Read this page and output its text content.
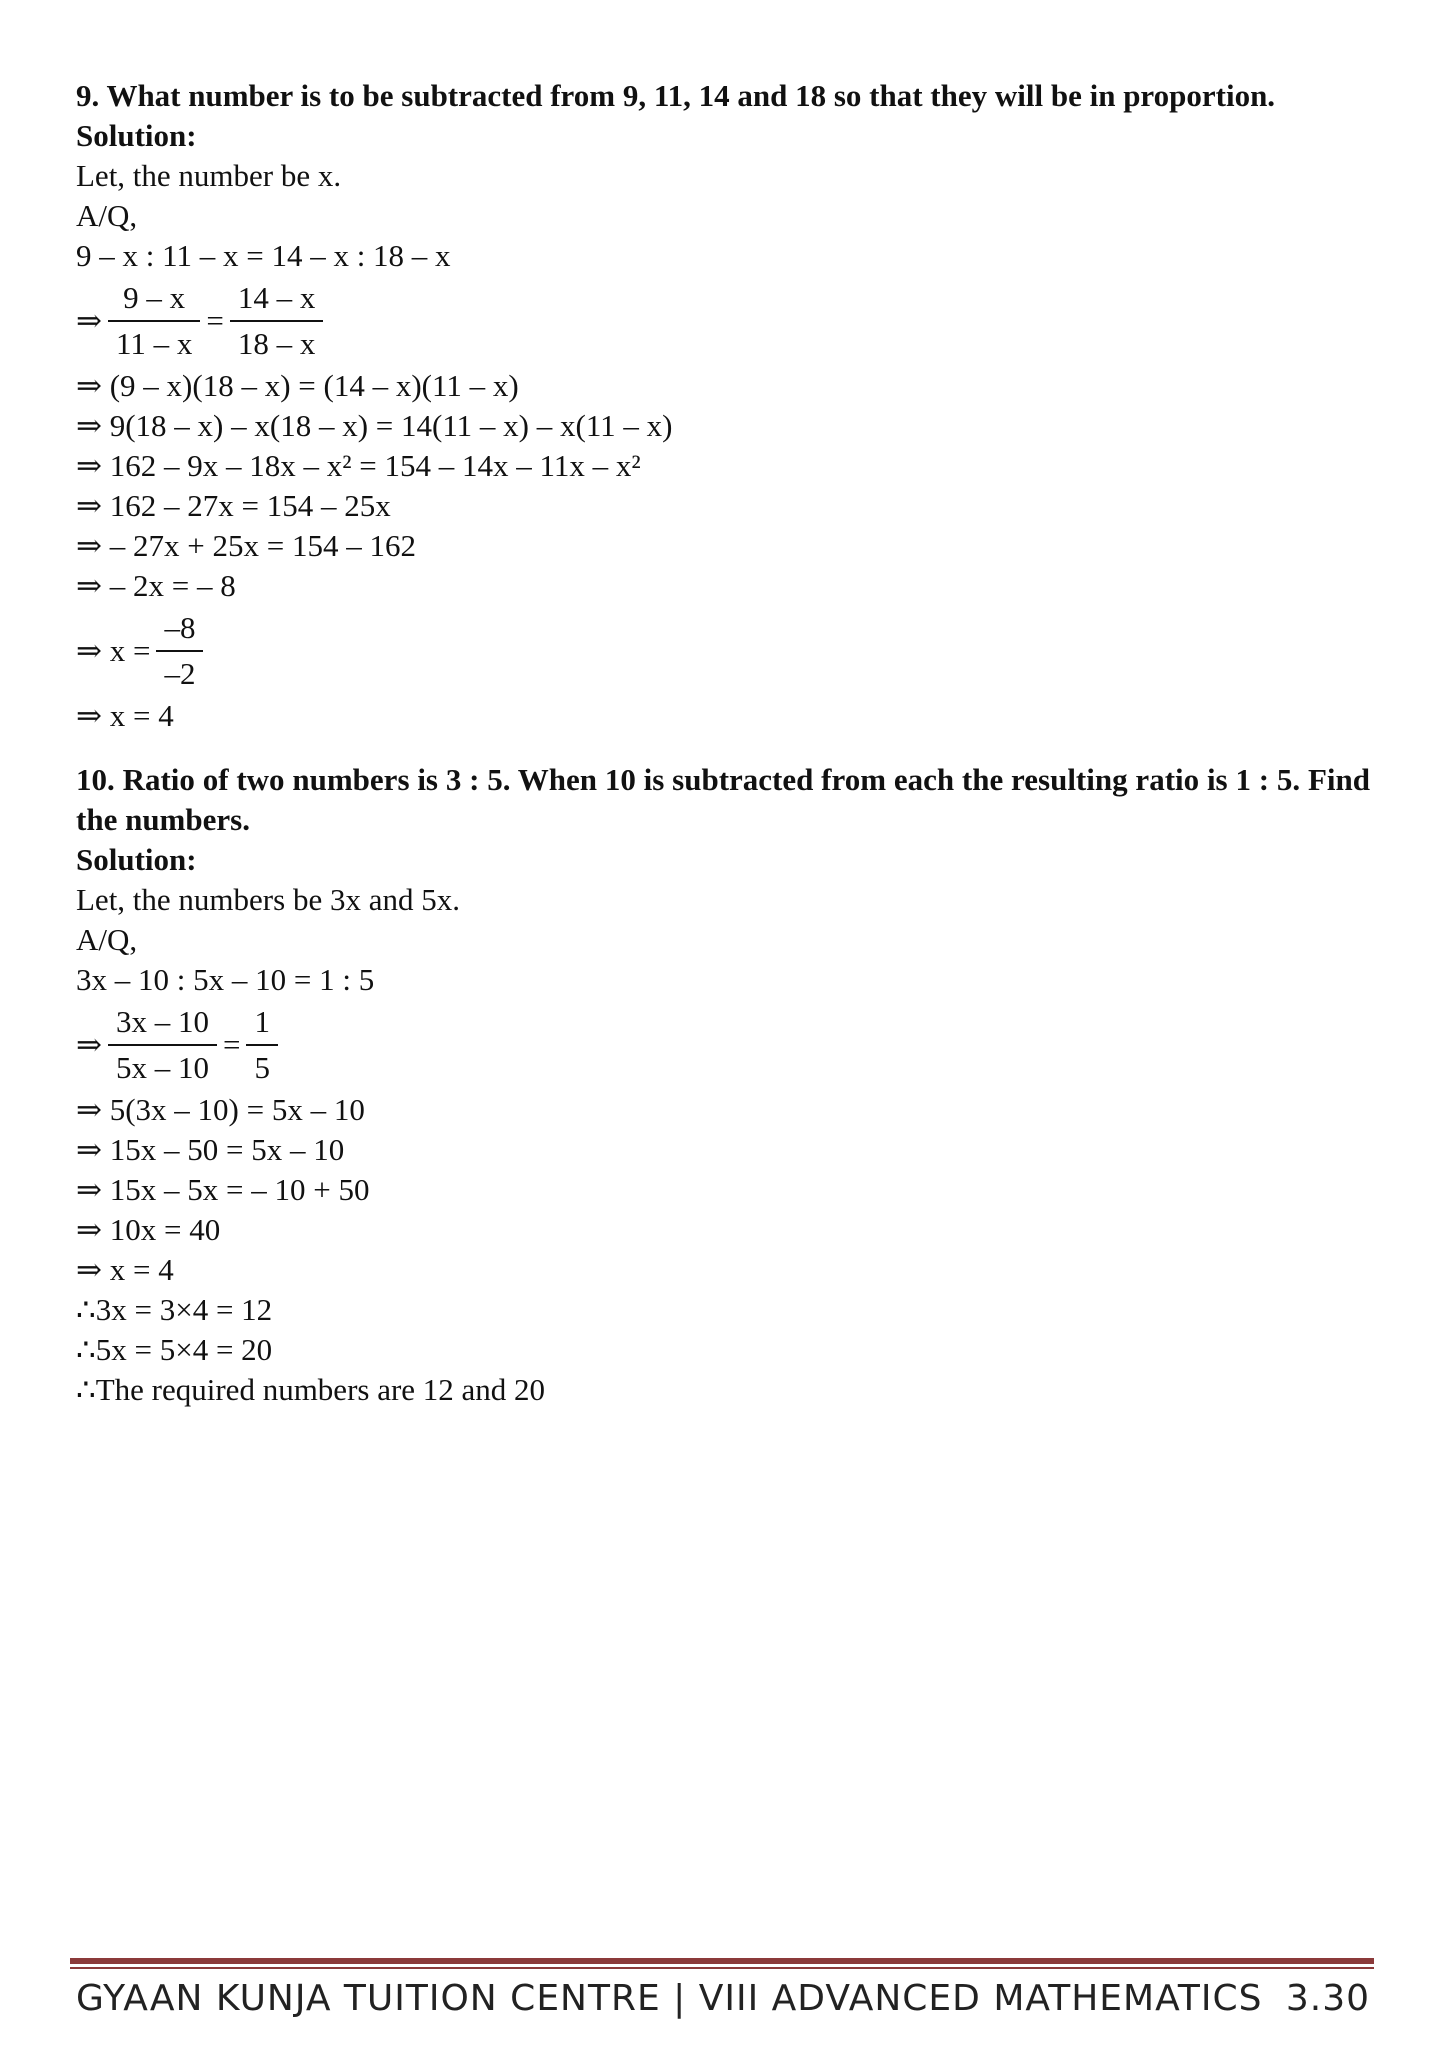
9. What number is to be subtracted from 9, 11, 14 and 18 so that they will be in proportion.

Solution:

Let, the number be x.

A/Q,

9 – x : 11 – x = 14 – x : 18 – x

⇒ $\frac{9 - x}{11 - x} = \frac{14 - x}{18 - x}$

⇒ (9 – x)(18 – x) = (14 – x)(11 – x)

⇒ 9(18 – x) – x(18 – x) = 14(11 – x) – x(11 – x)

⇒ 162 – 9x – 18x – x² = 154 – 14x – 11x – x²

⇒ 162 – 27x = 154 – 25x

⇒ – 27x + 25x = 154 – 162

⇒ – 2x = – 8

⇒ $x = \frac{-8}{-2}$

⇒ x = 4

10. Ratio of two numbers is 3 : 5. When 10 is subtracted from each the resulting ratio is 1 : 5. Find the numbers.

Solution:

Let, the numbers be 3x and 5x.

A/Q,

3x – 10 : 5x – 10 = 1 : 5

⇒ $\frac{3x - 10}{5x - 10} = \frac{1}{5}$

⇒ 5(3x – 10) = 5x – 10

⇒ 15x – 50 = 5x – 10

⇒ 15x – 5x = – 10 + 50

⇒ 10x = 40

⇒ x = 4

∴3x = 3×4 = 12

∴5x = 5×4 = 20

∴The required numbers are 12 and 20

GYAAN KUNJA TUITION CENTRE | VIII ADVANCED MATHEMATICS 3.30
